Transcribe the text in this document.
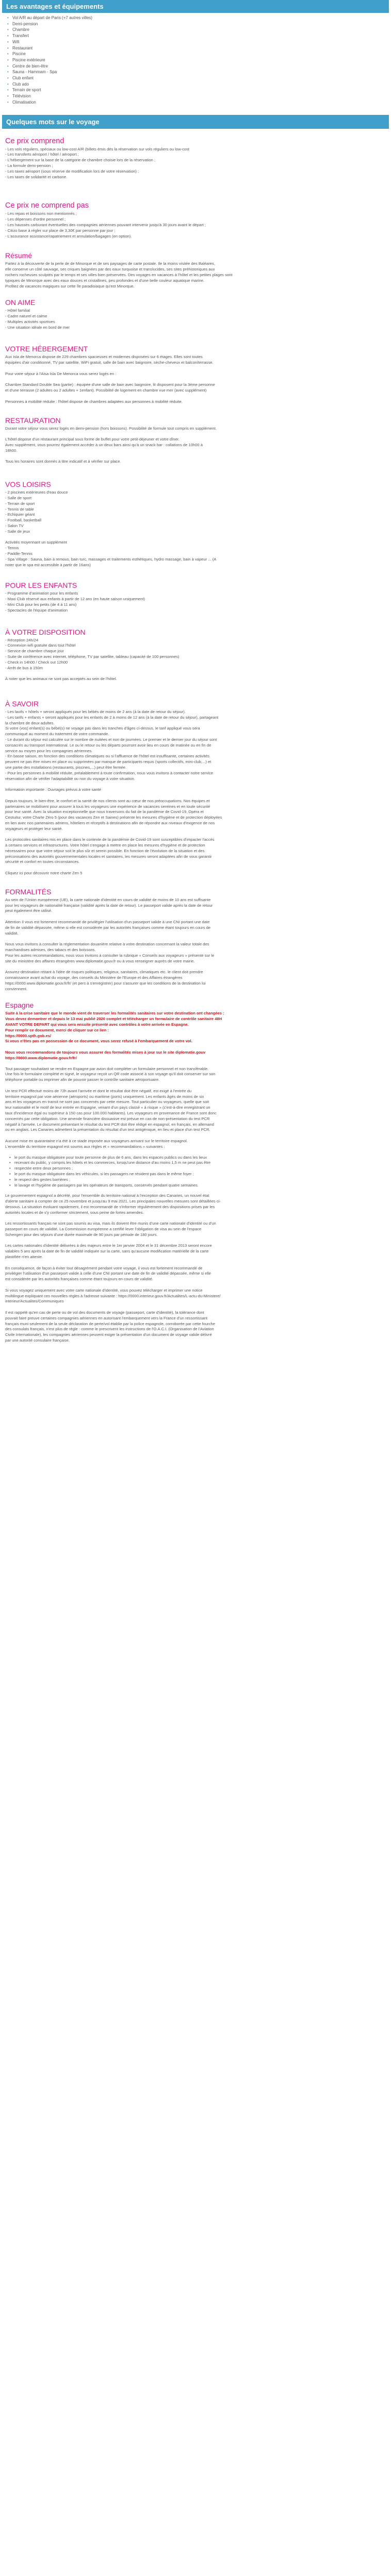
Les avantages et équipements
• Vol A/R au départ de Paris (+7 autres villes)
• Demi-pension
• Chambre
• Transfert
• Wifi
• Restaurant
• Piscine
• Piscine extérieure
• Centre de bien-être
• Sauna - Hammam - Spa
• Club enfant
• Club ado
• Terrain de sport
• Télévision
• Climatisation
Quelques mots sur le voyage
Ce prix comprend
- Les vols réguliers, spéciaux ou low-cost A/R (billets émis dès la réservation sur vols réguliers ou low-cost
- Les transferts aéroport / hôtel / aéroport ;
- L'hébergement sur la base de la catégorie de chambre choisie lors de la réservation ;
- La formule demi-pension ;
- Les taxes aéroport (sous réserve de modification lors de votre réservation) ;
- Les taxes de solidarité et carbone.
Ce prix ne comprend pas
- Les repas et boissons non mentionnés ;
- Les dépenses d'ordre personnel ;
- Les hausses carburant éventuelles des compagnies aériennes pouvant intervenir jusqu'à 30 jours avant le départ ;
- Citizo base à régler sur place de 3,30€ par personne par jour ;
- L'assurance assistance/rapatriement et annulation/bagages (en option).
Résumé
Partez à la découverte de la perle de de Minorque et de ses paysages de carte postale. Ile la moins visitée des Baléares,
elle conserve un côté sauvage, ses criques baignées par des eaux turquoise et translucides, ses sites préhistoriques aux
rochers rocheuses sculptés par le temps et ses villes bien préservées. Des voyages en vacances à l'hôtel et les petites plages sont
typiques de Minorque avec des eaux douces et cristallines, peu profondes et d'une belle couleur aquatique marine.
Profitez de vacances magiques sur cette île paradisiaque qu'est Minorque.
ON AIME
- Hôtel familial
- Cadre naturel et calme
- Multiples activités sportives
- Une situation idéale en bord de mer
VOTRE HÉBERGEMENT
Aux Isla de Menorca dispose de 229 chambres spacieuses et modernes disposées sur 6 étages. Elles sont toutes
équipées d'air conditionné, TV par satellite, WiFi gratuit, salle de bain avec baignoire, sèche-cheveux et balcon/terrasse.
Pour votre séjour à l'Aisa Isla De Menorca vous serez logés en :
Chambre Standard Double Sea (partie) : équipée d'une salle de bain avec baignoire, lit disposent pour la 3ème personne
et d'une terrasse (2 adultes ou 2 adultes + 1enfant). Possibilité de logement en chambre vue mer (avec supplément)
Personnes à mobilité réduite : l'hôtel dispose de chambres adaptées aux personnes à mobilité réduite.
RESTAURATION
Durant votre séjour vous serez logés en demi-pension (hors boissons). Possibilité de formule tout compris en supplément.
L'hôtel dispose d'un restaurant principal sous forme de buffet pour votre petit-déjeuner et votre dîner.
Avec supplément, vous pourrez également accéder à un deux bars ainsi qu'à un snack bar : collations de 10h00 à
18h00.
Tous les horaires sont donnés à titre indicatif et à vérifier sur place.
VOS LOISIRS
- 2 piscines extérieures d'eau douce
- Salle de sport
- Terrain de sport
- Tennis de table
- Echiquier géant
- Football, basketball
- Salon TV
- Salle de jeux
Activités moyennant un supplément
- Tennis
- Paddle-Tennis
- Spa Village : Sauna, bain à remous, bain turc, massages et traitements esthétiques, hydro massage, bain à vapeur ... (A
noter que le spa est accessible à partir de 16ans)
POUR LES ENFANTS
- Programme d'animation pour les enfants
- Maxi Club réservé aux enfants à partir de 12 ans (en haute saison uniquement)
- Mini Club pour les petits (de 4 à 11 ans)
- Spectacles de l'équipe d'animation
À VOTRE DISPOSITION
- Réception 24h/24
- Connexion wifi gratuite dans tout l'hôtel
- Service de chambre chaque jour
- Suite de conférence avec internet, téléphone, TV par satellite, tableau (capacité de 100 personnes)
- Check in 14h00 / Check out 12h00
- Arrêt de bus à 150m
À noter que les animaux ne sont pas acceptés au sein de l'hôtel.
À SAVOIR
- Les lavifs + hôtels + seront appliqués pour les bébés de moins de 2 ans (à la date de retour du séjour).
- Les tarifs + enfants + seront appliqués pour les enfants de 2 à moins de 12 ans (à la date de retour du séjour), partageant
la chambre de deux adultes.
Si votre (vos) enfant(s) ou bébé(s) ne voyage pas dans les tranches d'âges ci-dessus, le tarif appliqué vous sera
communiqué au moment du traitement de votre commande.
- Le durant du séjour est calculée sur le nombre de nuitées et non de journées. Le premier et le dernier jour du séjour sont
consacrés au transport international. Le ou le retour ou les départs pourront avoir lieu en cours de matinée ou en fin de
service au moyen pour les compagnies aériennes.
- En basse saison, en fonction des conditions climatiques ou si l'affluence de l'hôtel est insuffisante, certaines activités
peuvent ne pas être mises en place ou supprimées par manque de participants requis (sports collectifs, mini-club,...) et
une partie des installations (restaurants, piscines,...) peut être fermée.
- Pour les personnes à mobilité réduite, préalablement à toute confirmation, nous vous invitons à contacter notre service
réservation afin de vérifier l'adaptabilité ou non du voyage à votre situation.
Information importante : Ouvrages prévus à votre santé
Depuis toujours, le bien-être, le confort et la santé de nos clients sont au cœur de nos préoccupations. Nos équipes et
partenaires se mobilisent pour assurer à tous les voyageurs une expérience de vacances sereines et en toute sécurité
pour leur santé. Avec la situation exceptionnelle que nous traversons du fait de la pandémie de Covid-19, Opéra et
Cestuitur, votre Charte Zéro 5 (pour des vacances Zen et Saines) présente les mesures d'hygiène et de protection déployées
en lien avec nos partenaires aériens, hôteliers et réceptifs à destinations afin de répondre aux niveaux d'exigence de nos
voyageurs et protéger leur santé.
Les protocoles sanitaires mis en place dans le contexte de la pandémie de Covid-19 sont susceptibles d'impacter l'accès
à certains services et infrastructures. Votre hôtel s'engage à mettre en place les mesures d'hygiène et de protection
nécessaires pour que votre séjour soit le plus sûr et serein possible. En fonction de l'évolution de la situation et des
préconisations des autorités gouvernementales locales et sanitaires, les mesures seront adaptées afin de vous garantir
sécurité et confort en toutes circonstances.
Cliquez ici pour découvrir notre charte Zen 5
FORMALITÉS
Au sein de l'Union européenne (UE), la carte nationale d'identité en cours de validité de moins de 10 ans est suffisante
pour les voyageurs de nationalité française (validité après la date de retour). Le passeport valide après la date de retour
peut également être utilisé.
Attention Il vous est fortement recommandé de privilégier l'utilisation d'un passeport valide à une CNI portant une date
de fin de validité dépassée, même si elle est considérée par les autorités françaises comme étant toujours en cours de
validité.
Nous vous invitons à consulter la réglementation douanière relative à votre destination concernant la valeur totale des
marchandises admises, des tabacs et des boissons.
Pour les autres recommandations, nous vous invitons à consulter la rubrique « Conseils aux voyageurs » présente sur le
site du ministère des affaires étrangères www.diplomatie.gouv.fr ou à vous renseigner auprès de votre mairie.
Assurez-destination réitant à l'idée de risques politiques, religieux, sanitaires, climatiques etc. le client doit prendre
connaissance avant achat du voyage, des conseils du Ministère de l'Europe et des Affaires étrangères
https://0000.www.diplomatie.gouv.fr/fr/ (et pers à s'enregistrer) pour s'assurer que les conditions de la destination lui
conviennent.
Espagne
Suite à la crise sanitaire que le monde vient de traverser les formalités sanitaires sur votre destination ont changées :
Vous devez demontrer et depuis le 13 mai publié 2020 complet et télécharger un formulaire de contrôle sanitaire 48H
AVANT VOTRE DEPART qui vous sera ensuite présenté avec contrôles à votre arrivée en Espagne.
Pour remplir ce document, merci de cliquer sur ce lien :
https://0000.spth.gob.es/
Si vous n'êtes pas en possession de ce document, vous serez refusé à l'embarquement de votre vol.
Nous vous recommandons de toujours vous assurer des formalités mises à jour sur le site diplomatie.gouv
https://0000.www.diplomatie.gouv.fr/fr/
Tout passager souhaitant se rendre en Espagne par avion doit compléter un formulaire personnel et non transférable.
Une fois le formulaire complété et signé, le voyageur reçoit un QR code associé à son voyage qu'il doit conserver sur son
téléphone portable ou imprimer afin de pouvoir passer le contrôle sanitaire aéroportuaire.
Un test PCR effectué moins de 72h avant l'arrivée et dont le résultat doit être négatif, est exigé à l'entrée du
territoire espagnol par voie aérienne (aéroports) ou maritime (ports) uniquement. Les enfants âgés de moins de six
ans et les voyageurs en transit ne sont pas concernés par cette mesure. Tout particulier ou voyageurs, quelle que soit
leur nationalité et le motif de leur entrée en Espagne, venant d'un pays classé « à risque » (c'est-à-dire enregistrant un
taux d'incidence égal ou supérieur à 150 cas pour 100.000 habitants). Les voyageurs en provenance de France sont donc
concernés par cette obligation. Une amende financière dissuasive est prévue en cas de non-présentation du test PCR
négatif à l'arrivée. Le document présentant le résultat du test PCR doit être rédigé en espagnol, en français, en allemand
ou en anglais. Les Canaries admettent la présentation du résultat d'un test antigénique, en lieu et place d'un test PCR.
Aucune mise en quarantaine n'a été à ce stade imposée aux voyageurs arrivant sur le territoire espagnol.
L'ensemble du territoire espagnol est soumis aux règles et « recommandations » suivantes :
• le port du masque obligatoire pour toute personne de plus de 6 ans, dans les espaces publics ou dans les lieux
• recevant du public, y compris les hôtels et les commerces, lorsqu'une distance d'au moins 1,5 m ne peut pas être
• respectée entre deux personnes ;
• le port du masque obligatoire dans les véhicules, si les passagers ne résident pas dans le même foyer ;
• le respect des gestes barrières ;
• le lavage et l'hygiène de passagers par les opérateurs de transports, conservés pendant quatre semaines.
Le gouvernement espagnol a décrété, pour l'ensemble du territoire national à l'exception des Canaries, un nouvel état
d'alerte sanitaire à compter de ce 25 novembre et jusqu'au 9 mai 2021. Les principales nouvelles mesures sont détaillées ci-
dessous. La situation évoluant rapidement, il est recommandé de s'informer régulièrement des dispositions prises par les
autorités locales et de s'y conformer strictement, sous peine de fortes amendes.
Les ressortissants français ne sont pas soumis au visa, mais ils doivent être munis d'une carte nationale d'identité ou d'un
passeport en cours de validité. La Commission européenne a certifié lever l'obligation de visa au sein de l'espace
Schengen pour des séjours d'une durée maximale de 90 jours par période de 180 jours.
Les cartes nationales d'identité délivrées à des majeurs entre le 1er janvier 2004 et le 31 décembre 2013 seront encore
valables 5 ans après la date de fin de validité indiquée sur la carte, sans qu'aucune modification matérielle de la carte
plastifiée n'en atteste.
En conséquence, de façon à éviter tout désagrément pendant votre voyage, il vous est fortement recommandé de
privilégier l'utilisation d'un passeport valide à celle d'une CNI portant une date de fin de validité dépassée, même si elle
est considérée par les autorités françaises comme étant toujours en cours de validité.
Si vous voyagez uniquement avec votre carte nationale d'identité, vous pouvez télécharger et imprimer une notice
multilingue expliquant ces nouvelles règles à l'adresse suivante : https://0000.interieur.gouv.fr/Actualites/L-actu-du-Ministere/
interieur/Actualites/Communiques
Il est rappelé qu'en cas de perte ou de vol des documents de voyage (passeport, carte d'identité), la tolérance dont
pouvait faire preuve certaines compagnies aériennes en autorisant l'embarquement vers la France d'un ressortissant
français muni seulement de la seule déclaration de perte/vol établie par la police espagnole, corroborée par cette fourche
des consulats français, n'est plus de règle : comme le prescrivent les instructions de l'O.A.C.I. (Organisation de l'Aviation
Civile Internationale), les compagnies aériennes peuvent exiger la présentation d'un document de voyage valide délivré
par une autorité consulaire française.
